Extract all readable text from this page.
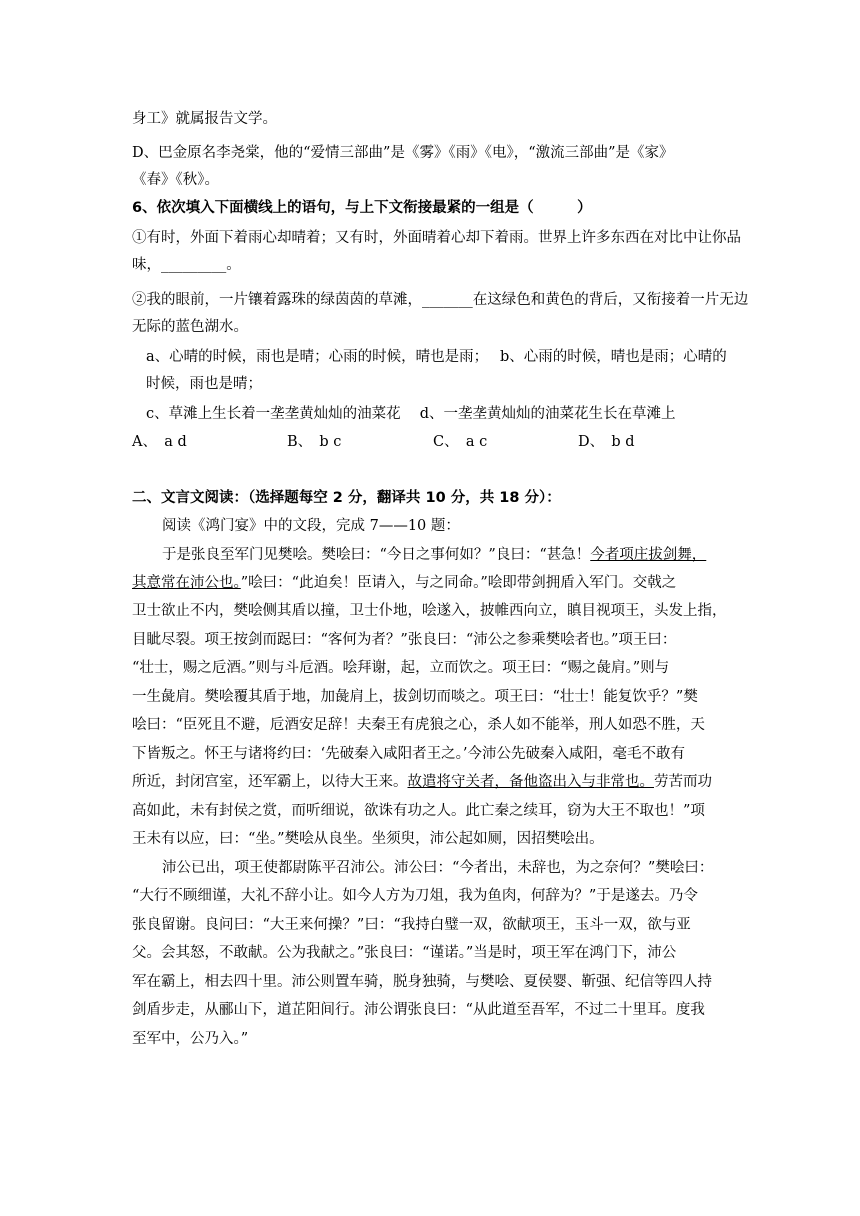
身工》就属报告文学。
D、巴金原名李尧棠，他的“爱情三部曲”是《雾》《雨》《电》，“激流三部曲”是《家》
《春》《秋》。
6、依次填入下面横线上的语句，与上下文衔接最紧的一组是（　　　）
①有时，外面下着雨心却晴着；又有时，外面晴着心却下着雨。世界上许多东西在对比中让你品
味，_________。
②我的眼前，一片镶着露珠的绿茵茵的草滩，_______在这绿色和黄色的背后，又衔接着一片无边
无际的蓝色湖水。
a、心晴的时候，雨也是晴；心雨的时候，晴也是雨；　 b、心雨的时候，晴也是雨；心晴的
时候，雨也是晴；
c、草滩上生长着一垄垄黄灿灿的油菜花　 d、一垄垄黄灿灿的油菜花生长在草滩上
A、　a d	B、　b c	C、　a c	D、　b d
二、文言文阅读：（选择题每空 2 分，翻译共 10 分，共 18 分）：
阅读《鸿门宴》中的文段，完成 7——10 题：
于是张良至军门见樊哙。樊哙曰：“今日之事何如？”良曰：“甚急！今者项庄拔剑舞，
其意常在沛公也。”哙曰：“此迫矣！臣请入，与之同命。”哙即带剑拥盾入军门。交戟之
卫士欲止不内，樊哙侧其盾以撞，卫士仆地，哙遂入，披帷西向立，瞋目视项王，头发上指，
目眦尽裂。项王按剑而跽曰：“客何为者？”张良曰：“沛公之参乘樊哙者也。”项王曰：
“壮士，赐之卮酒。”则与斗卮酒。哙拜谢，起，立而饮之。项王曰：“赐之彘肩。”则与
一生彘肩。樊哙覆其盾于地，加彘肩上，拔剑切而啖之。项王曰：“壮士！能复饮乎？”樊
哙曰：“臣死且不避，卮酒安足辞！夫秦王有虎狼之心，杀人如不能举，刑人如恐不胜，天
下皆叛之。怀王与诸将约曰：‘先破秦入咸阳者王之。’今沛公先破秦入咸阳，毫毛不敢有
所近，封闭宫室，还军霸上，以待大王来。故遣将守关者，备他盗出入与非常也。劳苦而功
高如此，未有封侯之赏，而听细说，欲诛有功之人。此亡秦之续耳，窃为大王不取也！”项
王未有以应，曰：“坐。”樊哙从良坐。坐须臾，沛公起如厕，因招樊哙出。
沛公已出，项王使都尉陈平召沛公。沛公曰：“今者出，未辞也，为之奈何？”樊哙曰：
“大行不顾细谨，大礼不辞小让。如今人方为刀俎，我为鱼肉，何辞为？”于是遂去。乃令
张良留谢。良问曰：“大王来何操？”曰：“我持白璧一双，欲献项王，玉斗一双，欲与亚
父。会其怒，不敢献。公为我献之。”张良曰：“谨诺。”当是时，项王军在鸿门下，沛公
军在霸上，相去四十里。沛公则置车骑，脱身独骑，与樊哙、夏侯婴、靳强、纪信等四人持
剑盾步走，从郦山下，道芷阳间行。沛公谓张良曰：“从此道至吾军，不过二十里耳。度我
至军中，公乃入。”
